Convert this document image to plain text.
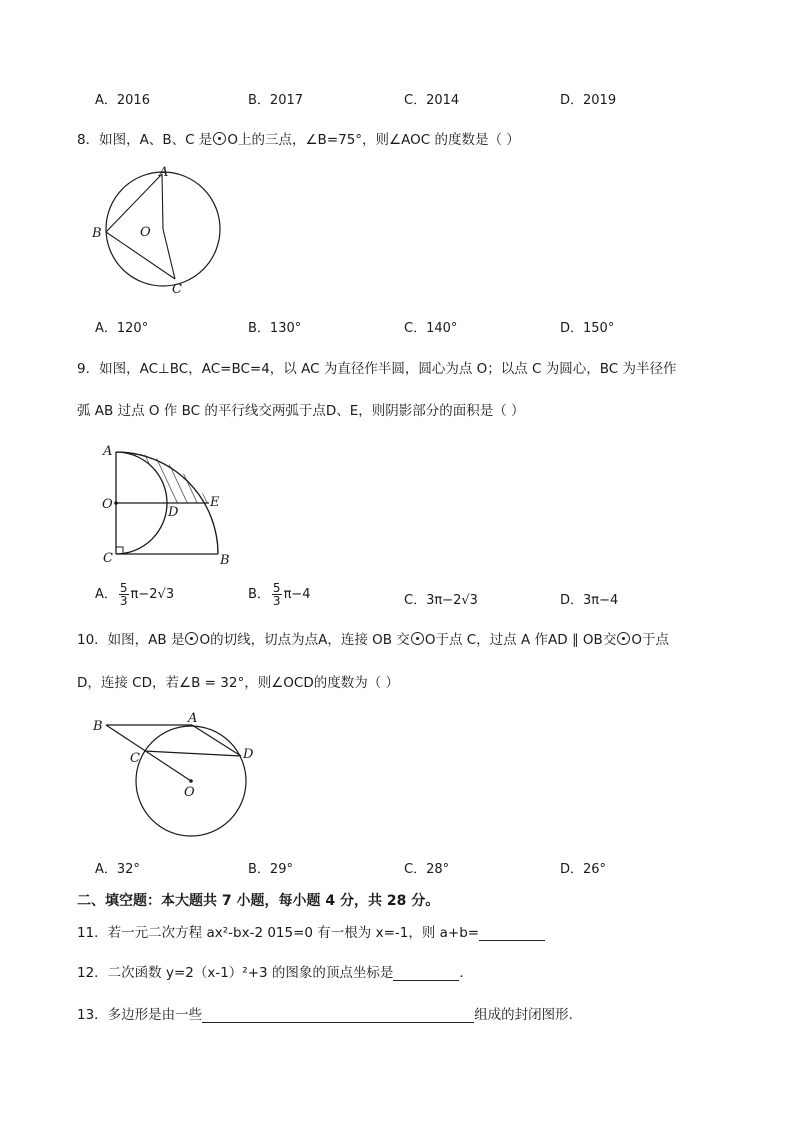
A．2016	B．2017	C．2014	D．2019
8．如图，A、B、C 是 O上的三点，∠B=75°，则∠AOC 的度数是（ ）
A
B
C
O
A．120°	B．130°	C．140°	D．150°
9．如图，AC⊥BC，AC=BC=4，以 AC 为直径作半圆，圆心为点 O；以点 C 为圆心，BC 为半径作
弧 AB 过点 O 作 BC 的平行线交两弧于点D、E，则阴影部分的面积是（ ）
A
O
D
E
C	B
A． $\frac{5}{3} \pi-2√3$	B． $\frac{5}{3} \pi-4$	C．3π−2√3	D．3π−4
10．如图，AB 是 O的切线，切点为点A，连接 OB 交 O于点 C，过点 A 作AD ∥ OB交 O于点
D，连接 CD，若∠B = 32°，则∠OCD的度数为（ ）
A
B
C	D
O
A．32°	B．29°	C．28°	D．26°
二、填空题：本大题共 7 小题，每小题 4 分，共 28 分。
11．若一元二次方程 ax²-bx-2 015=0 有一根为 x=-1，则 a+b=
12．二次函数 y=2（x-1）²+3 的图象的顶点坐标是	．
13．多边形是由一些	组成的封闭图形．
